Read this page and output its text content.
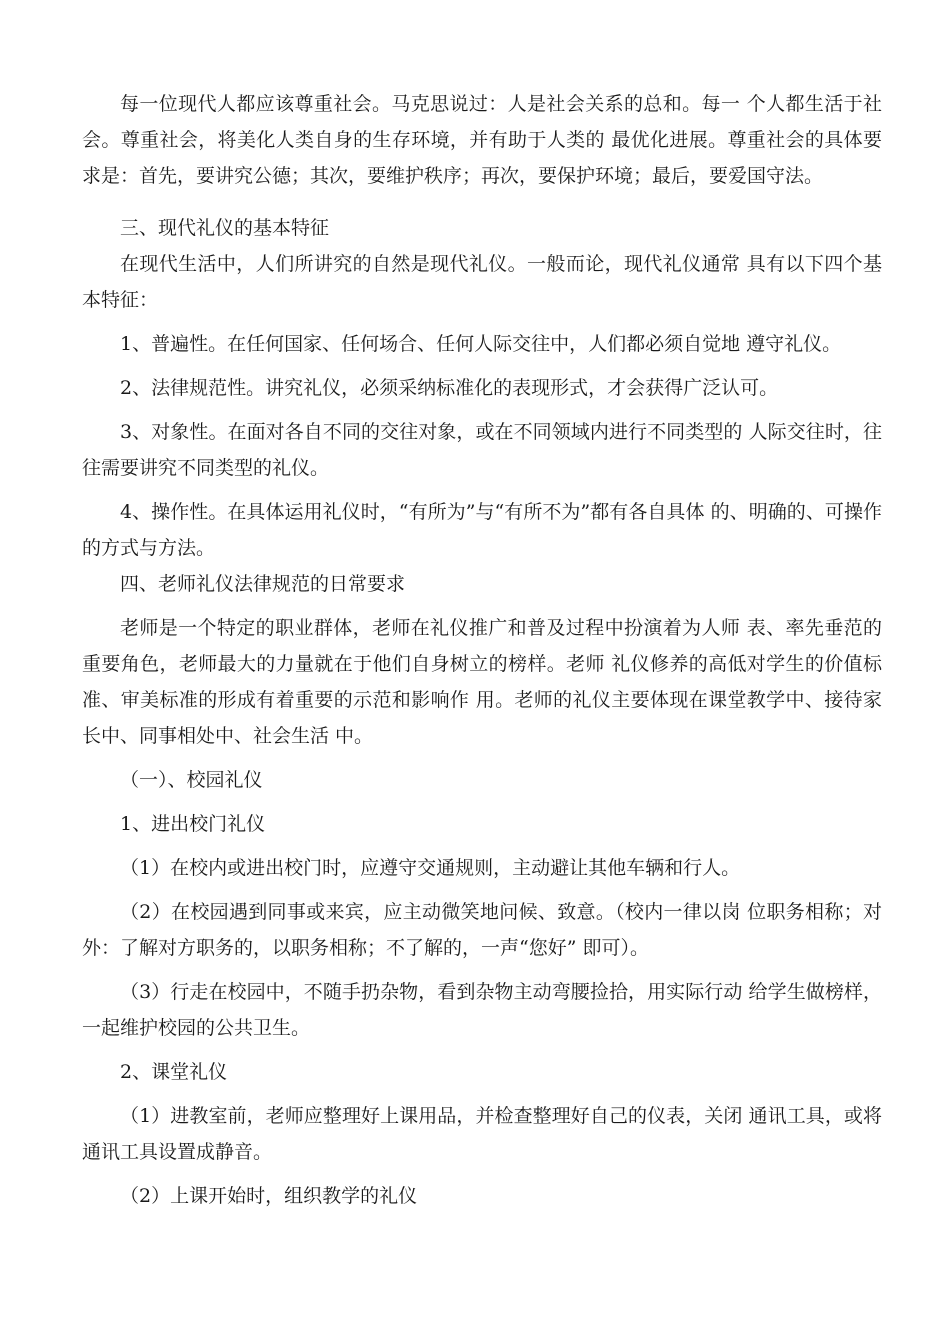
每一位现代人都应该尊重社会。马克思说过：人是社会关系的总和。每一 个人都生活于社会。尊重社会，将美化人类自身的生存环境，并有助于人类的 最优化进展。尊重社会的具体要求是：首先，要讲究公德；其次，要维护秩序；再次，要保护环境；最后，要爱国守法。

三、现代礼仪的基本特征

在现代生活中，人们所讲究的自然是现代礼仪。一般而论，现代礼仪通常 具有以下四个基本特征：

1、普遍性。在任何国家、任何场合、任何人际交往中，人们都必须自觉地 遵守礼仪。

2、法律规范性。讲究礼仪，必须采纳标准化的表现形式，才会获得广泛认可。

3、对象性。在面对各自不同的交往对象，或在不同领域内进行不同类型的 人际交往时，往往需要讲究不同类型的礼仪。

4、操作性。在具体运用礼仪时，“有所为”与“有所不为”都有各自具体 的、明确的、可操作的方式与方法。

四、老师礼仪法律规范的日常要求

老师是一个特定的职业群体，老师在礼仪推广和普及过程中扮演着为人师 表、率先垂范的重要角色，老师最大的力量就在于他们自身树立的榜样。老师 礼仪修养的高低对学生的价值标准、审美标准的形成有着重要的示范和影响作 用。老师的礼仪主要体现在课堂教学中、接待家长中、同事相处中、社会生活 中。

（一）、校园礼仪

1、进出校门礼仪

（1）在校内或进出校门时，应遵守交通规则，主动避让其他车辆和行人。

（2）在校园遇到同事或来宾，应主动微笑地问候、致意。（校内一律以岗 位职务相称；对外：了解对方职务的，以职务相称；不了解的，一声“您好” 即可）。

（3）行走在校园中，不随手扔杂物，看到杂物主动弯腰捡拾，用实际行动 给学生做榜样，一起维护校园的公共卫生。

2、课堂礼仪

（1）进教室前，老师应整理好上课用品，并检查整理好自己的仪表，关闭 通讯工具，或将通讯工具设置成静音。

（2）上课开始时，组织教学的礼仪
